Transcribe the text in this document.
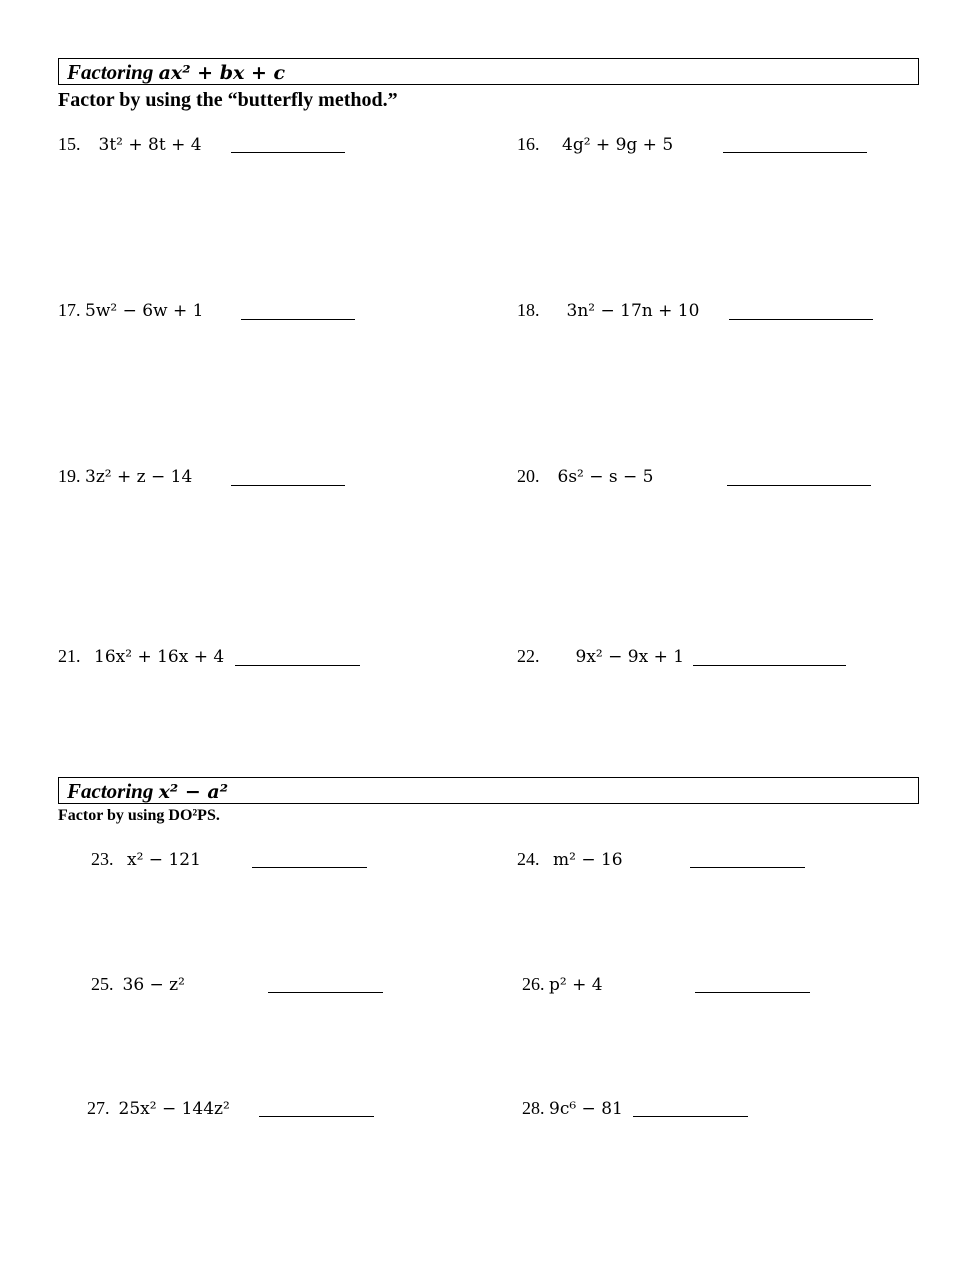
Factoring ax² + bx + c
Factor by using the “butterfly method.”
15. 3t² + 8t + 4	16. 4g² + 9g + 5
17. 5w² − 6w + 1	18. 3n² − 17n + 10
19. 3z² + z − 14	20. 6s² − s − 5
21. 16x² + 16x + 4	22. 9x² − 9x + 1
Factoring x² − a²
Factor by using DO²PS.
23. x² − 121	24. m² − 16
25. 36 − z²	26. p² + 4
27. 25x² − 144z²	28. 9c⁶ − 81
